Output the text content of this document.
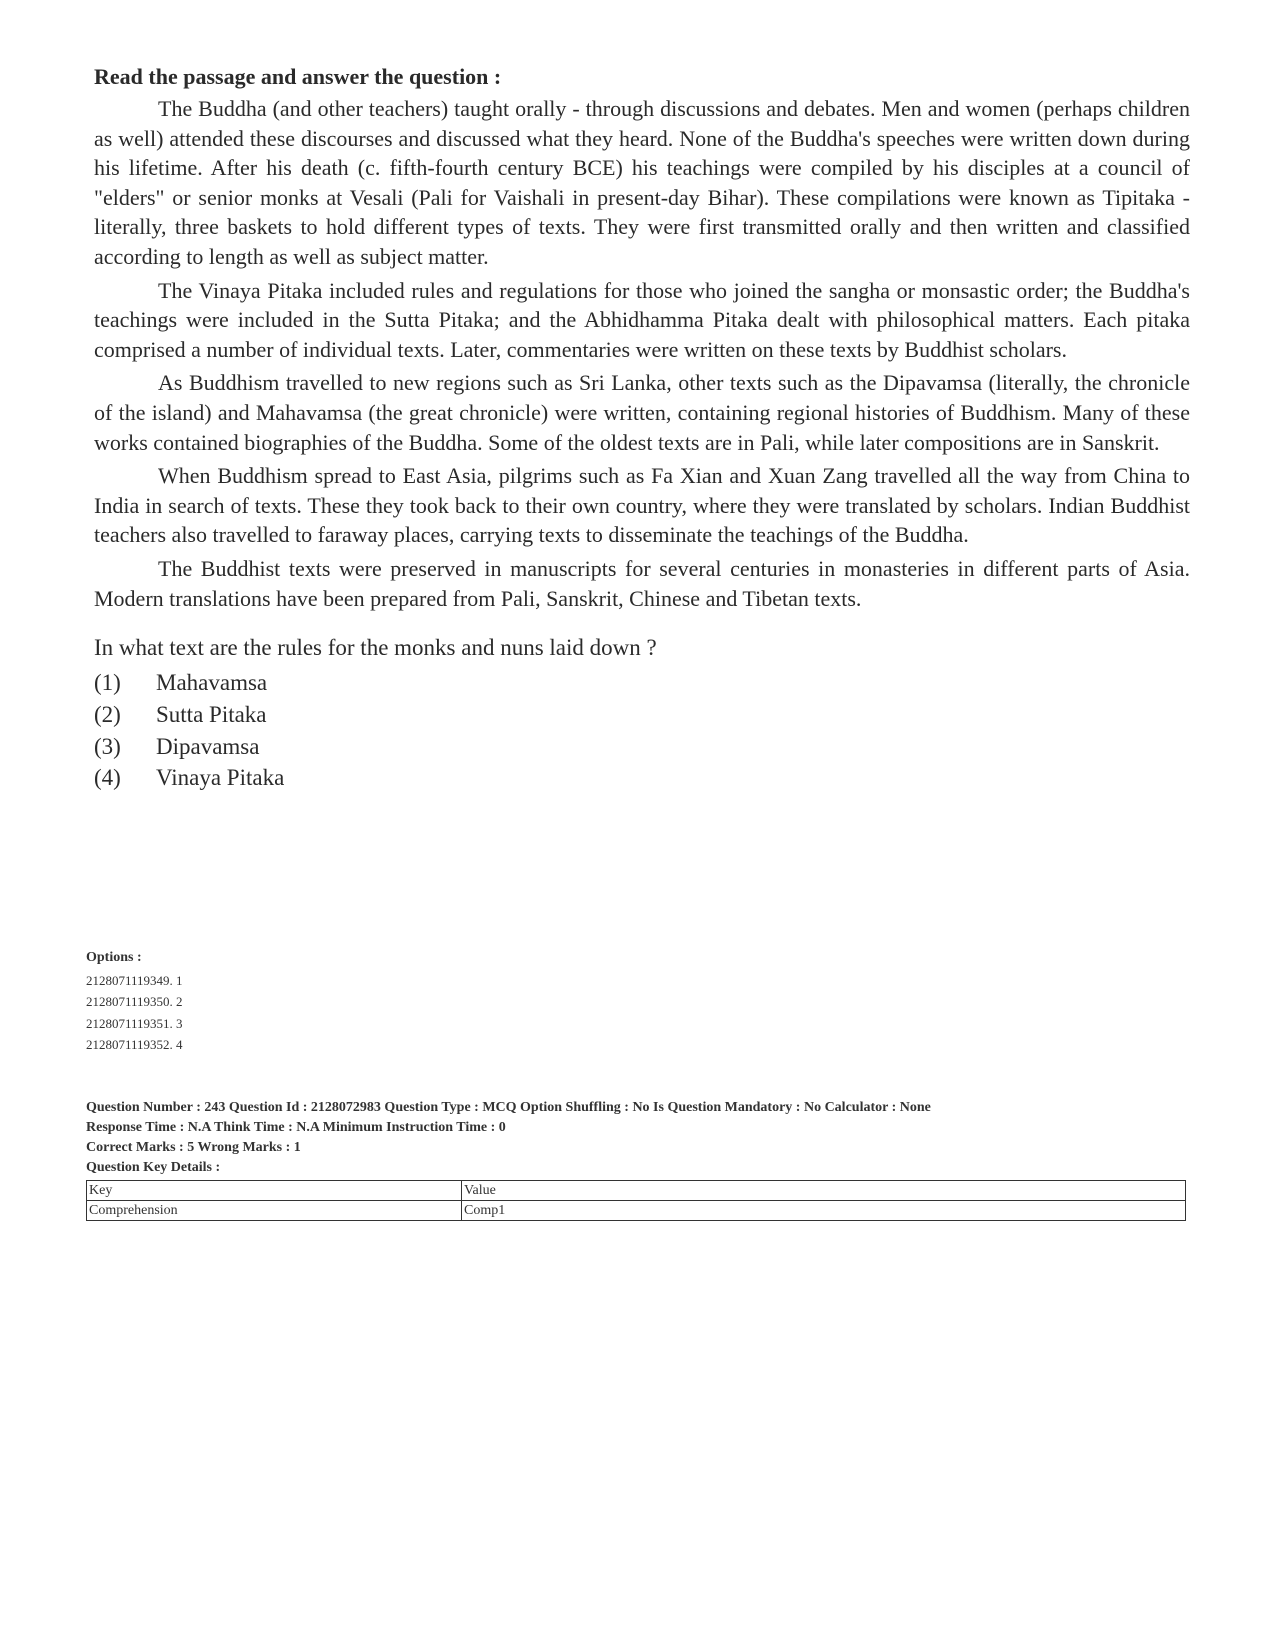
Read the passage and answer the question :

The Buddha (and other teachers) taught orally - through discussions and debates. Men and women (perhaps children as well) attended these discourses and discussed what they heard. None of the Buddha's speeches were written down during his lifetime. After his death (c. fifth-fourth century BCE) his teachings were compiled by his disciples at a council of "elders" or senior monks at Vesali (Pali for Vaishali in present-day Bihar). These compilations were known as Tipitaka - literally, three baskets to hold different types of texts. They were first transmitted orally and then written and classified according to length as well as subject matter.

The Vinaya Pitaka included rules and regulations for those who joined the sangha or monsastic order; the Buddha's teachings were included in the Sutta Pitaka; and the Abhidhamma Pitaka dealt with philosophical matters. Each pitaka comprised a number of individual texts. Later, commentaries were written on these texts by Buddhist scholars.

As Buddhism travelled to new regions such as Sri Lanka, other texts such as the Dipavamsa (literally, the chronicle of the island) and Mahavamsa (the great chronicle) were written, containing regional histories of Buddhism. Many of these works contained biographies of the Buddha. Some of the oldest texts are in Pali, while later compositions are in Sanskrit.

When Buddhism spread to East Asia, pilgrims such as Fa Xian and Xuan Zang travelled all the way from China to India in search of texts. These they took back to their own country, where they were translated by scholars. Indian Buddhist teachers also travelled to faraway places, carrying texts to disseminate the teachings of the Buddha.

The Buddhist texts were preserved in manuscripts for several centuries in monasteries in different parts of Asia. Modern translations have been prepared from Pali, Sanskrit, Chinese and Tibetan texts.

In what text are the rules for the monks and nuns laid down ?
(1)	Mahavamsa
(2)	Sutta Pitaka
(3)	Dipavamsa
(4)	Vinaya Pitaka
Options :
2128071119349. 1
2128071119350. 2
2128071119351. 3
2128071119352. 4
Question Number : 243 Question Id : 2128072983 Question Type : MCQ Option Shuffling : No Is Question Mandatory : No Calculator : None
Response Time : N.A Think Time : N.A Minimum Instruction Time : 0
Correct Marks : 5 Wrong Marks : 1
Question Key Details :
Key	Value
Comprehension	Comp1
